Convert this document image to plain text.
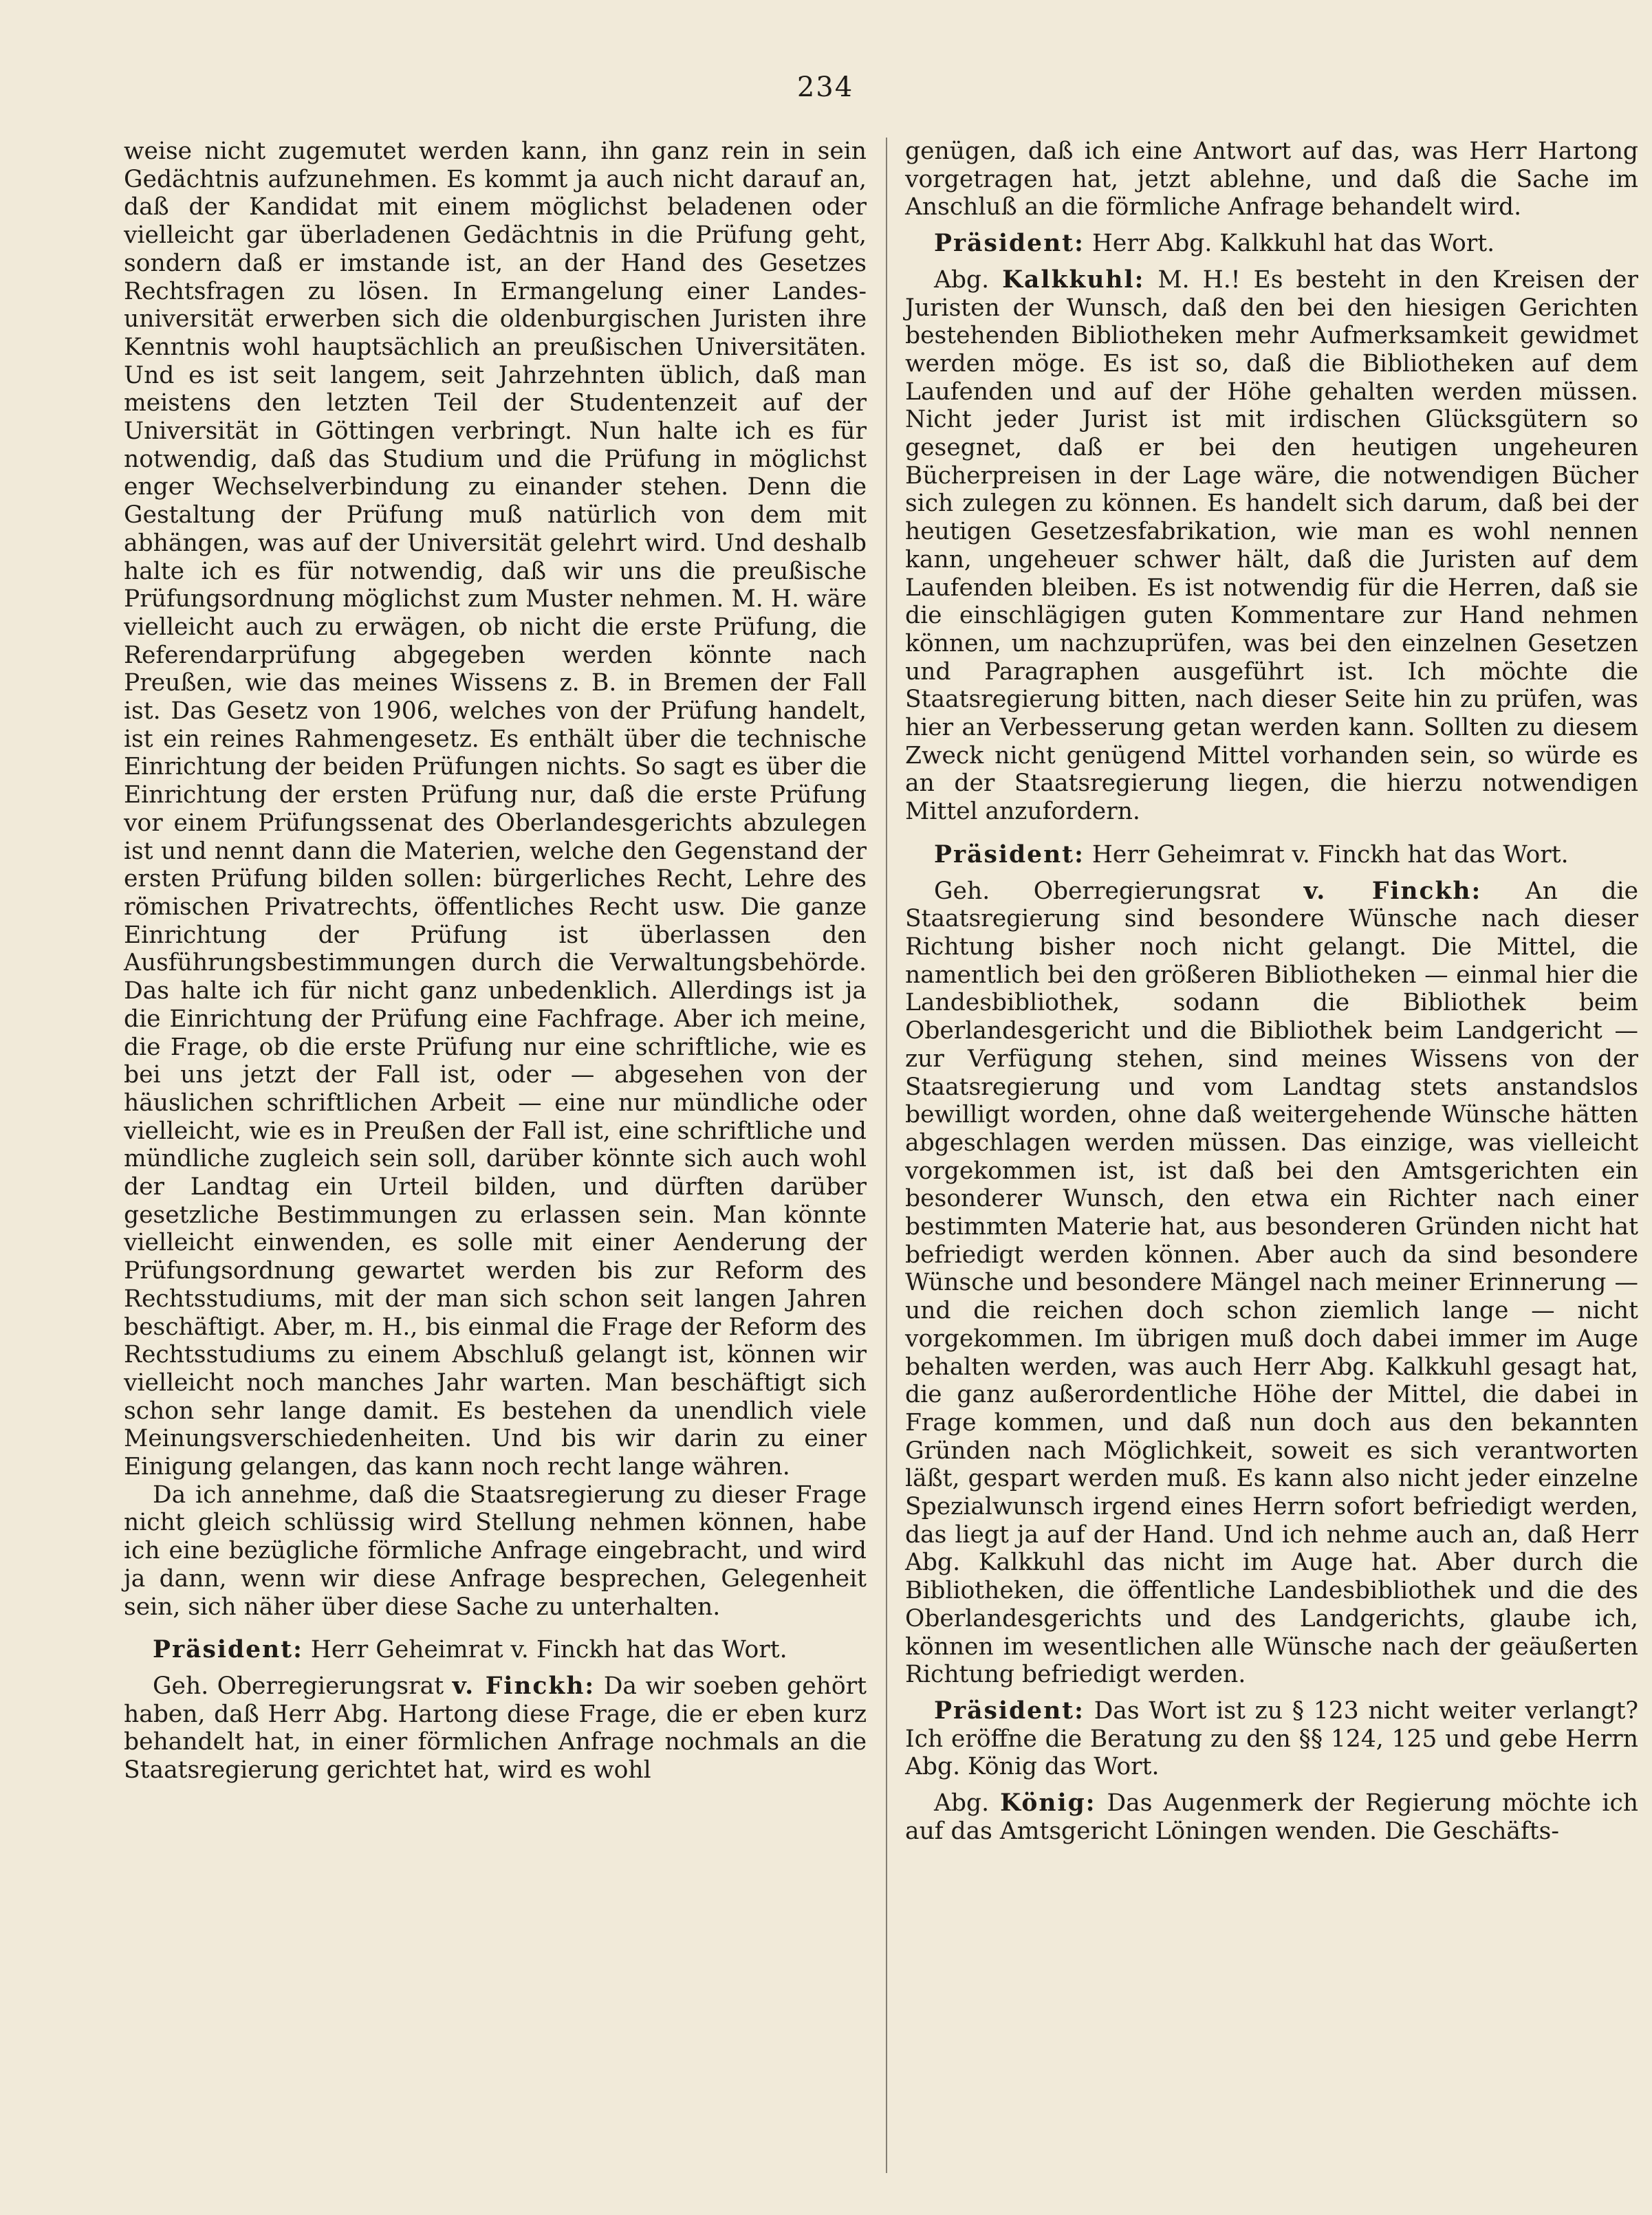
234

weise nicht zugemutet werden kann, ihn ganz rein in sein Gedächtnis aufzunehmen. Es kommt ja auch nicht darauf an, daß der Kandidat mit einem möglichst beladenen oder vielleicht gar überladenen Gedächtnis in die Prüfung geht, sondern daß er imstande ist, an der Hand des Gesetzes Rechtsfragen zu lösen. In Ermangelung einer Landes-universität erwerben sich die oldenburgischen Juristen ihre Kenntnis wohl hauptsächlich an preußischen Universitäten. Und es ist seit langem, seit Jahrzehnten üblich, daß man meistens den letzten Teil der Studentenzeit auf der Universität in Göttingen verbringt. Nun halte ich es für notwendig, daß das Studium und die Prüfung in möglichst enger Wechselverbindung zu einander stehen. Denn die Gestaltung der Prüfung muß natürlich von dem mit abhängen, was auf der Universität gelehrt wird. Und deshalb halte ich es für notwendig, daß wir uns die preußische Prüfungsordnung möglichst zum Muster nehmen. M. H. wäre vielleicht auch zu erwägen, ob nicht die erste Prüfung, die Referendarprüfung abgegeben werden könnte nach Preußen, wie das meines Wissens z. B. in Bremen der Fall ist. Das Gesetz von 1906, welches von der Prüfung handelt, ist ein reines Rahmengesetz. Es enthält über die technische Einrichtung der beiden Prüfungen nichts. So sagt es über die Einrichtung der ersten Prüfung nur, daß die erste Prüfung vor einem Prüfungssenat des Oberlandesgerichts abzulegen ist und nennt dann die Materien, welche den Gegenstand der ersten Prüfung bilden sollen: bürgerliches Recht, Lehre des römischen Privatrechts, öffentliches Recht usw. Die ganze Einrichtung der Prüfung ist überlassen den Ausführungsbestimmungen durch die Verwaltungsbehörde. Das halte ich für nicht ganz unbedenklich. Allerdings ist ja die Einrichtung der Prüfung eine Fachfrage. Aber ich meine, die Frage, ob die erste Prüfung nur eine schriftliche, wie es bei uns jetzt der Fall ist, oder — abgesehen von der häuslichen schriftlichen Arbeit — eine nur mündliche oder vielleicht, wie es in Preußen der Fall ist, eine schriftliche und mündliche zugleich sein soll, darüber könnte sich auch wohl der Landtag ein Urteil bilden, und dürften darüber gesetzliche Bestimmungen zu erlassen sein. Man könnte vielleicht einwenden, es solle mit einer Aenderung der Prüfungsordnung gewartet werden bis zur Reform des Rechtsstudiums, mit der man sich schon seit langen Jahren beschäftigt. Aber, m. H., bis einmal die Frage der Reform des Rechtsstudiums zu einem Abschluß gelangt ist, können wir vielleicht noch manches Jahr warten. Man beschäftigt sich schon sehr lange damit. Es bestehen da unendlich viele Meinungsverschiedenheiten. Und bis wir darin zu einer Einigung gelangen, das kann noch recht lange währen.

Da ich annehme, daß die Staatsregierung zu dieser Frage nicht gleich schlüssig wird Stellung nehmen können, habe ich eine bezügliche förmliche Anfrage eingebracht, und wird ja dann, wenn wir diese Anfrage besprechen, Gelegenheit sein, sich näher über diese Sache zu unterhalten.

Präsident: Herr Geheimrat v. Finckh hat das Wort.

Geh. Oberregierungsrat v. Finckh: Da wir soeben gehört haben, daß Herr Abg. Hartong diese Frage, die er eben kurz behandelt hat, in einer förmlichen Anfrage nochmals an die Staatsregierung gerichtet hat, wird es wohl

genügen, daß ich eine Antwort auf das, was Herr Hartong vorgetragen hat, jetzt ablehne, und daß die Sache im Anschluß an die förmliche Anfrage behandelt wird.

Präsident: Herr Abg. Kalkkuhl hat das Wort.

Abg. Kalkkuhl: M. H.! Es besteht in den Kreisen der Juristen der Wunsch, daß den bei den hiesigen Gerichten bestehenden Bibliotheken mehr Aufmerksamkeit gewidmet werden möge. Es ist so, daß die Bibliotheken auf dem Laufenden und auf der Höhe gehalten werden müssen. Nicht jeder Jurist ist mit irdischen Glücksgütern so gesegnet, daß er bei den heutigen ungeheuren Bücherpreisen in der Lage wäre, die notwendigen Bücher sich zulegen zu können. Es handelt sich darum, daß bei der heutigen Gesetzesfabrikation, wie man es wohl nennen kann, ungeheuer schwer hält, daß die Juristen auf dem Laufenden bleiben. Es ist notwendig für die Herren, daß sie die einschlägigen guten Kommentare zur Hand nehmen können, um nachzuprüfen, was bei den einzelnen Gesetzen und Paragraphen ausgeführt ist. Ich möchte die Staatsregierung bitten, nach dieser Seite hin zu prüfen, was hier an Verbesserung getan werden kann. Sollten zu diesem Zweck nicht genügend Mittel vorhanden sein, so würde es an der Staatsregierung liegen, die hierzu notwendigen Mittel anzufordern.

Präsident: Herr Geheimrat v. Finckh hat das Wort.

Geh. Oberregierungsrat v. Finckh: An die Staatsregierung sind besondere Wünsche nach dieser Richtung bisher noch nicht gelangt. Die Mittel, die namentlich bei den größeren Bibliotheken — einmal hier die Landesbibliothek, sodann die Bibliothek beim Oberlandesgericht und die Bibliothek beim Landgericht — zur Verfügung stehen, sind meines Wissens von der Staatsregierung und vom Landtag stets anstandslos bewilligt worden, ohne daß weitergehende Wünsche hätten abgeschlagen werden müssen. Das einzige, was vielleicht vorgekommen ist, ist daß bei den Amtsgerichten ein besonderer Wunsch, den etwa ein Richter nach einer bestimmten Materie hat, aus besonderen Gründen nicht hat befriedigt werden können. Aber auch da sind besondere Wünsche und besondere Mängel nach meiner Erinnerung — und die reichen doch schon ziemlich lange — nicht vorgekommen. Im übrigen muß doch dabei immer im Auge behalten werden, was auch Herr Abg. Kalkkuhl gesagt hat, die ganz außerordentliche Höhe der Mittel, die dabei in Frage kommen, und daß nun doch aus den bekannten Gründen nach Möglichkeit, soweit es sich verantworten läßt, gespart werden muß. Es kann also nicht jeder einzelne Spezialwunsch irgend eines Herrn sofort befriedigt werden, das liegt ja auf der Hand. Und ich nehme auch an, daß Herr Abg. Kalkkuhl das nicht im Auge hat. Aber durch die Bibliotheken, die öffentliche Landesbibliothek und die des Oberlandesgerichts und des Landgerichts, glaube ich, können im wesentlichen alle Wünsche nach der geäußerten Richtung befriedigt werden.

Präsident: Das Wort ist zu § 123 nicht weiter verlangt? Ich eröffne die Beratung zu den §§ 124, 125 und gebe Herrn Abg. König das Wort.

Abg. König: Das Augenmerk der Regierung möchte ich auf das Amtsgericht Löningen wenden. Die Geschäfts-
